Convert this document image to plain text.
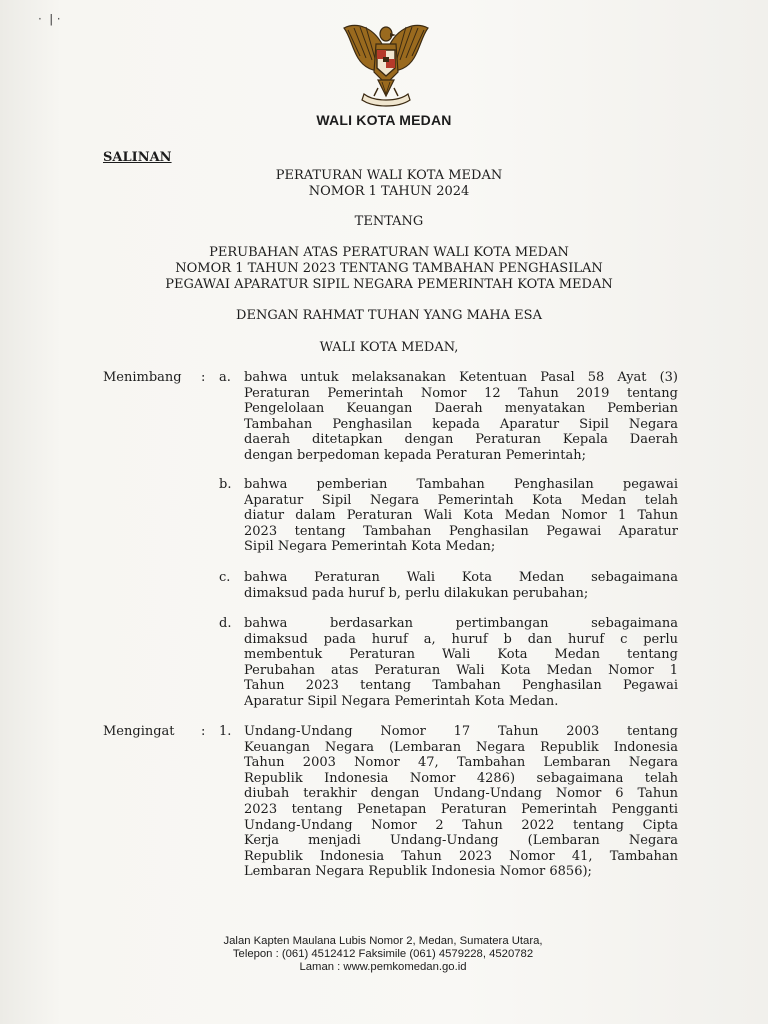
·  ǀ ·
WALI KOTA MEDAN
SALINAN
PERATURAN WALI KOTA MEDAN
NOMOR 1 TAHUN 2024
TENTANG
PERUBAHAN ATAS PERATURAN WALI KOTA MEDAN
NOMOR 1 TAHUN 2023 TENTANG TAMBAHAN PENGHASILAN
PEGAWAI APARATUR SIPIL NEGARA PEMERINTAH KOTA MEDAN
DENGAN RAHMAT TUHAN YANG MAHA ESA
WALI KOTA MEDAN,
Menimbang : a. bahwa untuk melaksanakan Ketentuan Pasal 58 Ayat (3)
Peraturan Pemerintah Nomor 12 Tahun 2019 tentang
Pengelolaan Keuangan Daerah menyatakan Pemberian
Tambahan Penghasilan kepada Aparatur Sipil Negara
daerah ditetapkan dengan Peraturan Kepala Daerah
dengan berpedoman kepada Peraturan Pemerintah;
b. bahwa pemberian Tambahan Penghasilan pegawai
Aparatur Sipil Negara Pemerintah Kota Medan telah
diatur dalam Peraturan Wali Kota Medan Nomor 1 Tahun
2023 tentang Tambahan Penghasilan Pegawai Aparatur
Sipil Negara Pemerintah Kota Medan;
c. bahwa Peraturan Wali Kota Medan sebagaimana
dimaksud pada huruf b, perlu dilakukan perubahan;
d. bahwa berdasarkan pertimbangan sebagaimana
dimaksud pada huruf a, huruf b dan huruf c perlu
membentuk Peraturan Wali Kota Medan tentang
Perubahan atas Peraturan Wali Kota Medan Nomor 1
Tahun 2023 tentang Tambahan Penghasilan Pegawai
Aparatur Sipil Negara Pemerintah Kota Medan.
Mengingat : 1. Undang-Undang Nomor 17 Tahun 2003 tentang
Keuangan Negara (Lembaran Negara Republik Indonesia
Tahun 2003 Nomor 47, Tambahan Lembaran Negara
Republik Indonesia Nomor 4286) sebagaimana telah
diubah terakhir dengan Undang-Undang Nomor 6 Tahun
2023 tentang Penetapan Peraturan Pemerintah Pengganti
Undang-Undang Nomor 2 Tahun 2022 tentang Cipta
Kerja menjadi Undang-Undang (Lembaran Negara
Republik Indonesia Tahun 2023 Nomor 41, Tambahan
Lembaran Negara Republik Indonesia Nomor 6856);
Jalan Kapten Maulana Lubis Nomor 2, Medan, Sumatera Utara,
Telepon : (061) 4512412 Faksimile (061) 4579228, 4520782
Laman : www.pemkomedan.go.id
